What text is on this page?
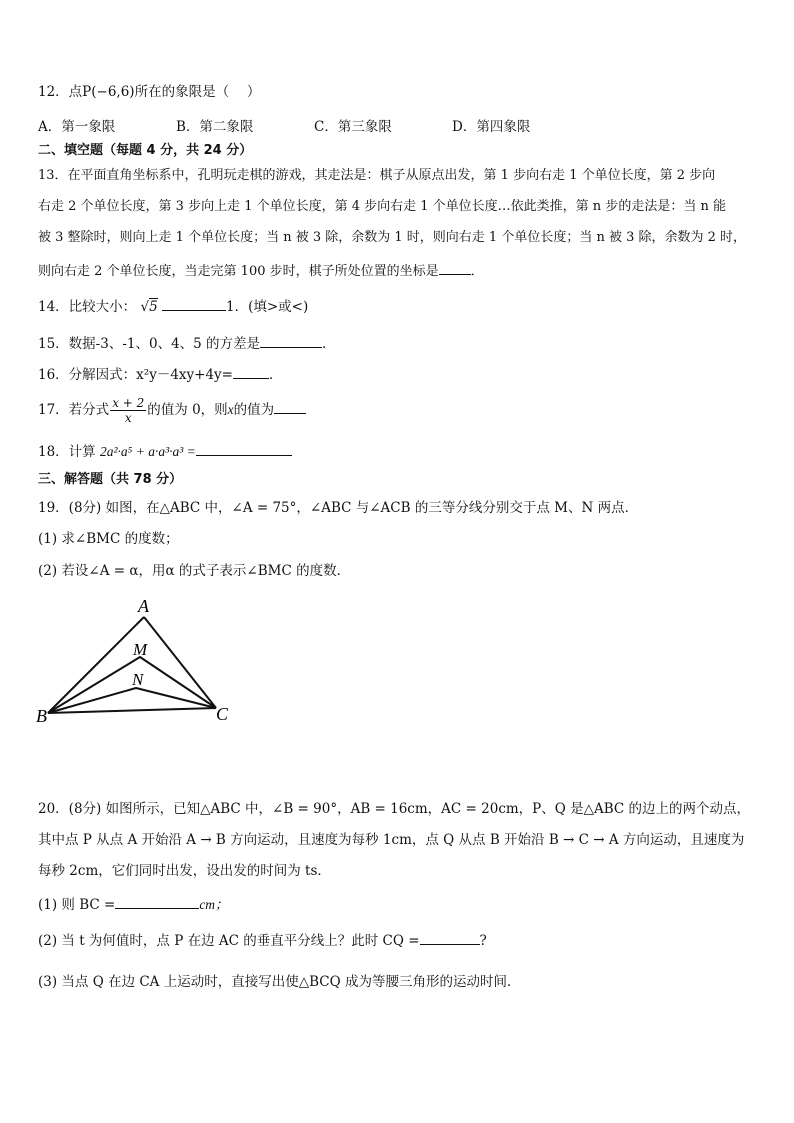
12．点P(−6,6)所在的象限是（　 ）
A．第一象限	B．第二象限	C．第三象限	D．第四象限
二、填空题（每题 4 分，共 24 分）
13．在平面直角坐标系中，孔明玩走棋的游戏，其走法是：棋子从原点出发，第 1 步向右走 1 个单位长度，第 2 步向
右走 2 个单位长度，第 3 步向上走 1 个单位长度，第 4 步向右走 1 个单位长度…依此类推，第 n 步的走法是：当 n 能
被 3 整除时，则向上走 1 个单位长度；当 n 被 3 除，余数为 1 时，则向右走 1 个单位长度；当 n 被 3 除，余数为 2 时，
则向右走 2 个单位长度，当走完第 100 步时，棋子所处位置的坐标是 ．
14．比较大小： √5	1．(填>或<)
15．数据-3、-1、0、4、5 的方差是	．
16．分解因式：x²y－4xy+4y=	．
17．若分式 $\frac{x + 2}{x}$ 的值为 0，则x的值为
18．计算 2a²·a⁵ + a·a³·a³ =
三、解答题（共 78 分）
19．(8分) 如图，在△ABC 中，∠A = 75°，∠ABC 与∠ACB 的三等分线分别交于点 M、N 两点．
(1) 求∠BMC 的度数；
(2) 若设∠A = α，用α 的式子表示∠BMC 的度数．
A
M
N
B	C
20．(8分) 如图所示，已知△ABC 中，∠B = 90°，AB = 16cm，AC = 20cm，P、Q 是△ABC 的边上的两个动点，
其中点 P 从点 A 开始沿 A → B 方向运动，且速度为每秒 1cm，点 Q 从点 B 开始沿 B → C → A 方向运动，且速度为
每秒 2cm，它们同时出发，设出发的时间为 ts．
(1) 则 BC =	cm；
(2) 当 t 为何值时，点 P 在边 AC 的垂直平分线上？此时 CQ =	?
(3) 当点 Q 在边 CA 上运动时，直接写出使△BCQ 成为等腰三角形的运动时间．
